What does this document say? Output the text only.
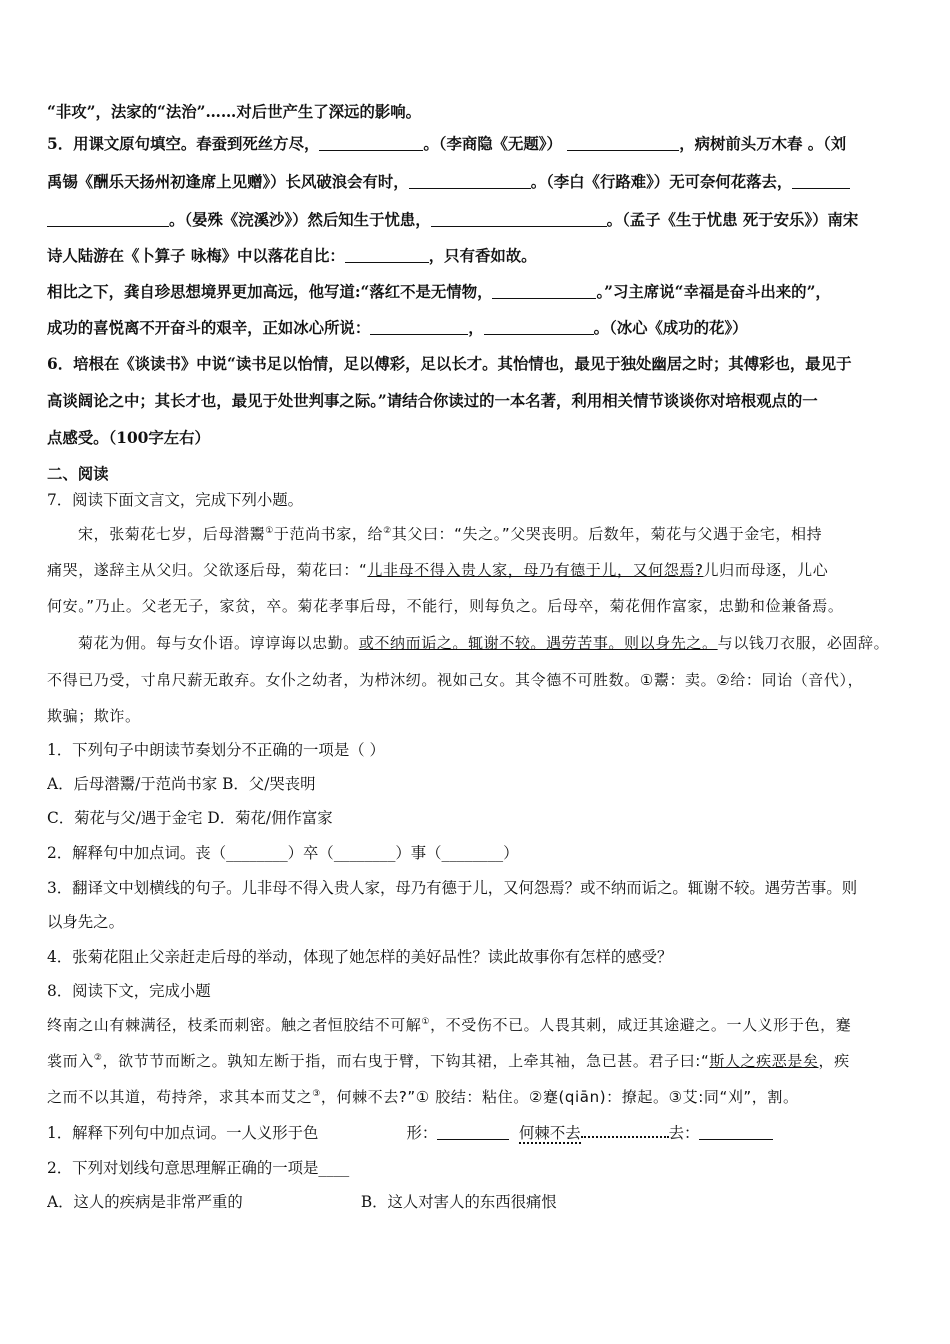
“非攻”，法家的“法治”……对后世产生了深远的影响。
5．用课文原句填空。春蚕到死丝方尽，	。（李商隐《无题》）	，病树前头万木春 。（刘
禹锡《酬乐天扬州初逢席上见赠》）长风破浪会有时，	。（李白《行路难》）无可奈何花落去，
。（晏殊《浣溪沙》）然后知生于忧患，	。（孟子《生于忧患 死于安乐》）南宋
诗人陆游在《卜算子 咏梅》中以落花自比：	，只有香如故。
相比之下，龚自珍思想境界更加高远，他写道:“落红不是无情物，	。”习主席说“幸福是奋斗出来的”，
成功的喜悦离不开奋斗的艰辛，正如冰心所说：	，	。（冰心《成功的花》）
6．培根在《谈读书》中说“读书足以怡情，足以傅彩，足以长才。其怡情也，最见于独处幽居之时；其傅彩也，最见于
高谈阔论之中；其长才也，最见于处世判事之际。”请结合你读过的一本名著，利用相关情节谈谈你对培根观点的一
点感受。（100字左右）
二、阅读
7．阅读下面文言文，完成下列小题。
宋，张菊花七岁，后母潜鬻①于范尚书家，给②其父曰：“失之。”父哭丧明。后数年，菊花与父遇于金宅，相持
痛哭，遂辞主从父归。父欲逐后母，菊花曰：“儿非母不得入贵人家，母乃有德于儿，又何怨焉?儿归而母逐，儿心
何安。”乃止。父老无子，家贫，卒。菊花孝事后母，不能行，则每负之。后母卒，菊花佣作富家，忠勤和俭兼备焉。
菊花为佣。每与女仆语。谆谆诲以忠勤。或不纳而诟之。辄谢不较。遇劳苦事。则以身先之。与以钱刀衣服，必固辞。
不得已乃受，寸帛尺薪无敢弃。女仆之幼者，为栉沐纫。视如己女。其令德不可胜数。①鬻：卖。②给：同诒（音代），
欺骗；欺诈。
1．下列句子中朗读节奏划分不正确的一项是（ ）
A．后母潜鬻/于范尚书家 B．父/哭丧明
C．菊花与父/遇于金宅 D．菊花/佣作富家
2．解释句中加点词。丧（________）卒（________）事（________）
3．翻译文中划横线的句子。儿非母不得入贵人家，母乃有德于儿，又何怨焉？或不纳而诟之。辄谢不较。遇劳苦事。则
以身先之。
4．张菊花阻止父亲赶走后母的举动，体现了她怎样的美好品性？读此故事你有怎样的感受？
8．阅读下文，完成小题
终南之山有棘满径，枝柔而刺密。触之者恒胶结不可解①，不受伤不已。人畏其刺，咸迂其途避之。一人义形于色，蹇
裳而入②，欲节节而断之。孰知左断于指，而右曳于臂，下钩其裙，上牵其袖，急已甚。君子曰:“斯人之疾恶是矣，疾
之而不以其道，苟持斧，求其本而艾之③，何棘不去?”① 胶结：粘住。②蹇(qiān)：撩起。③艾:同“刈”，割。
1．解释下列句中加点词。一人义形于色	形：	何棘不去	去：
2．下列对划线句意思理解正确的一项是____
A．这人的疾病是非常严重的	B．这人对害人的东西很痛恨
